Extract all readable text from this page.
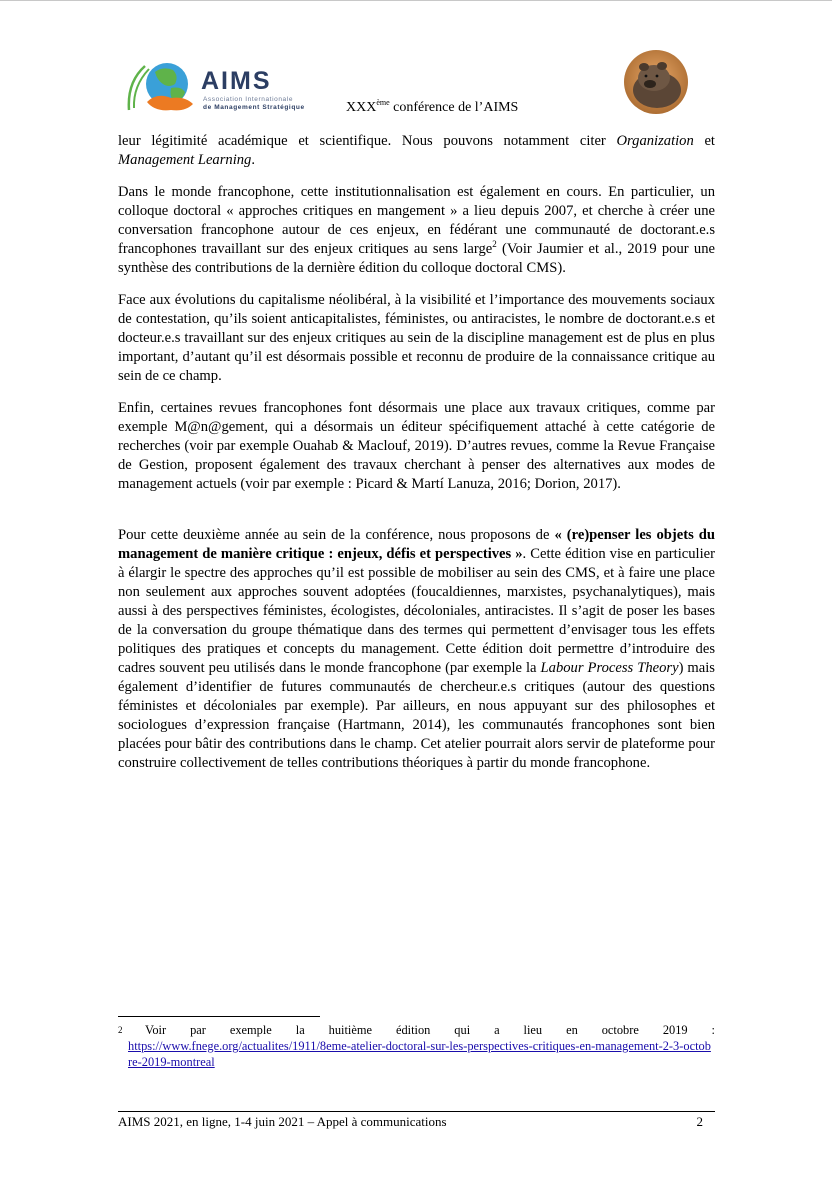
AIMS
Association Internationale
de Management Stratégique	XXXème conférence de l’AIMS

leur légitimité académique et scientifique. Nous pouvons notamment citer Organization et Management Learning.

Dans le monde francophone, cette institutionnalisation est également en cours. En particulier, un colloque doctoral « approches critiques en mangement » a lieu depuis 2007, et cherche à créer une conversation francophone autour de ces enjeux, en fédérant une communauté de doctorant.e.s francophones travaillant sur des enjeux critiques au sens large$^2$ (Voir Jaumier et al., 2019 pour une synthèse des contributions de la dernière édition du colloque doctoral CMS).

Face aux évolutions du capitalisme néolibéral, à la visibilité et l’importance des mouvements sociaux de contestation, qu’ils soient anticapitalistes, féministes, ou antiracistes, le nombre de doctorant.e.s et docteur.e.s travaillant sur des enjeux critiques au sein de la discipline management est de plus en plus important, d’autant qu’il est désormais possible et reconnu de produire de la connaissance critique au sein de ce champ.

Enfin, certaines revues francophones font désormais une place aux travaux critiques, comme par exemple M@n@gement, qui a désormais un éditeur spécifiquement attaché à cette catégorie de recherches (voir par exemple Ouahab & Maclouf, 2019). D’autres revues, comme la Revue Française de Gestion, proposent également des travaux cherchant à penser des alternatives aux modes de management actuels (voir par exemple : Picard & Martí Lanuza, 2016; Dorion, 2017).

Pour cette deuxième année au sein de la conférence, nous proposons de « (re)penser les objets du management de manière critique : enjeux, défis et perspectives ». Cette édition vise en particulier à élargir le spectre des approches qu’il est possible de mobiliser au sein des CMS, et à faire une place non seulement aux approches souvent adoptées (foucaldiennes, marxistes, psychanalytiques), mais aussi à des perspectives féministes, écologistes, décoloniales, antiracistes. Il s’agit de poser les bases de la conversation du groupe thématique dans des termes qui permettent d’envisager tous les effets politiques des pratiques et concepts du management. Cette édition doit permettre d’introduire des cadres souvent peu utilisés dans le monde francophone (par exemple la Labour Process Theory) mais également d’identifier de futures communautés de chercheur.e.s critiques (autour des questions féministes et décoloniales par exemple). Par ailleurs, en nous appuyant sur des philosophes et sociologues d’expression française (Hartmann, 2014), les communautés francophones sont bien placées pour bâtir des contributions dans le champ. Cet atelier pourrait alors servir de plateforme pour construire collectivement de telles contributions théoriques à partir du monde francophone.

2 Voir par exemple la huitième édition qui a lieu en octobre 2019 :
https://www.fnege.org/actualites/1911/8eme-atelier-doctoral-sur-les-perspectives-critiques-en-management-2-3-octobre-2019-montreal
AIMS 2021, en ligne, 1-4 juin 2021 – Appel à communications	2
